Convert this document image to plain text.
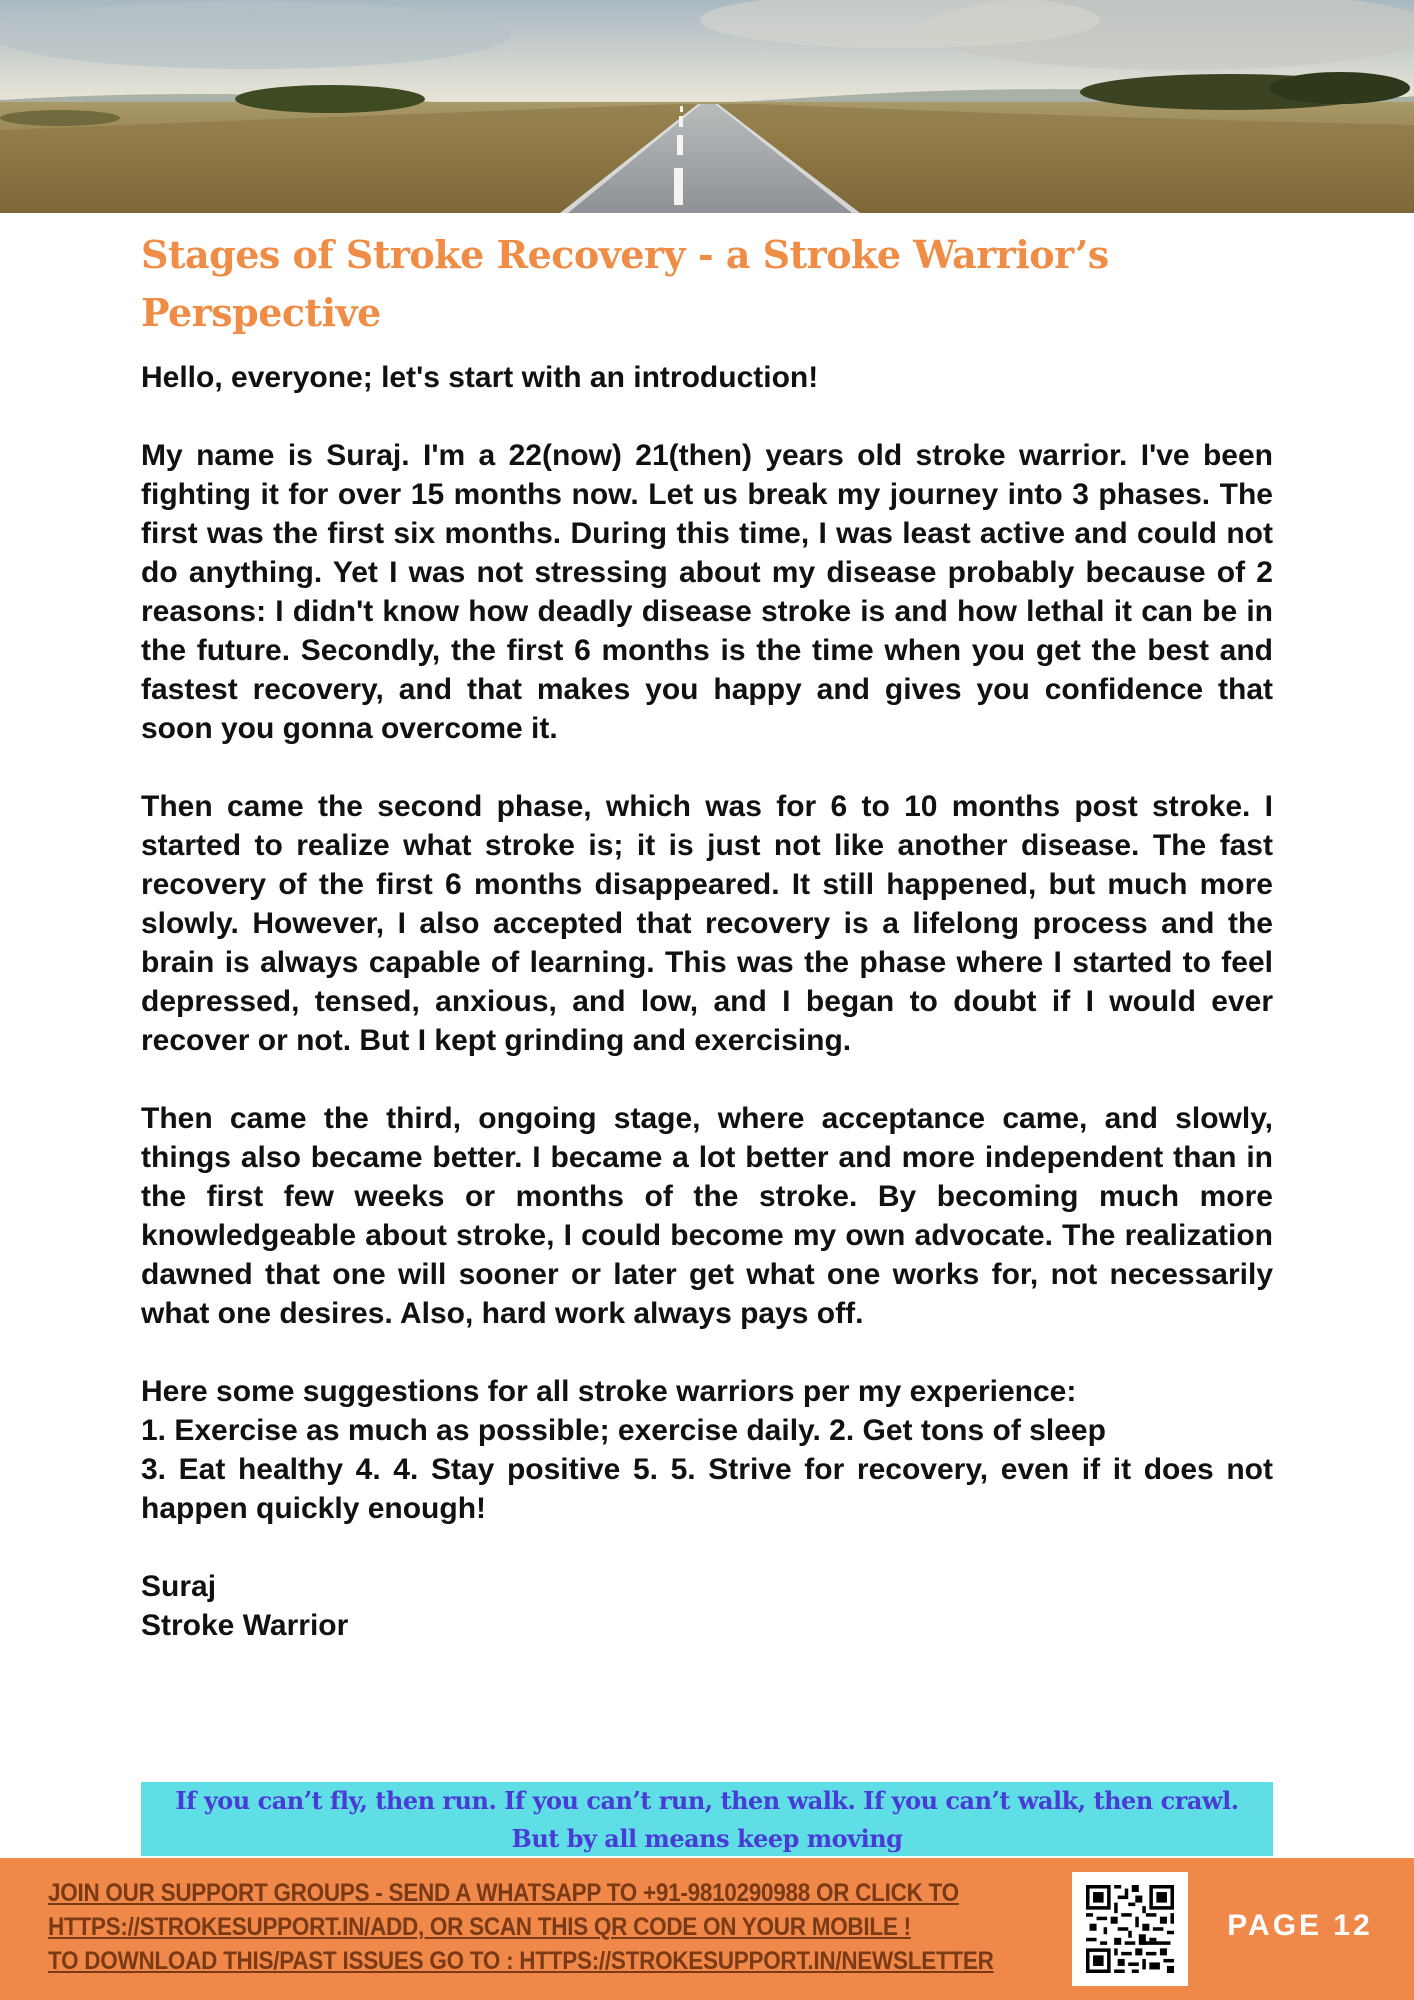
Stages of Stroke Recovery - a Stroke Warrior’s Perspective

Hello, everyone; let's start with an introduction!

My name is Suraj. I'm a 22(now) 21(then) years old stroke warrior. I've been fighting it for over 15 months now. Let us break my journey into 3 phases. The first was the first six months. During this time, I was least active and could not do anything. Yet I was not stressing about my disease probably because of 2 reasons: I didn't know how deadly disease stroke is and how lethal it can be in the future. Secondly, the first 6 months is the time when you get the best and fastest recovery, and that makes you happy and gives you confidence that soon you gonna overcome it.

Then came the second phase, which was for 6 to 10 months post stroke. I started to realize what stroke is; it is just not like another disease. The fast recovery of the first 6 months disappeared. It still happened, but much more slowly. However, I also accepted that recovery is a lifelong process and the brain is always capable of learning. This was the phase where I started to feel depressed, tensed, anxious, and low, and I began to doubt if I would ever recover or not. But I kept grinding and exercising.

Then came the third, ongoing stage, where acceptance came, and slowly, things also became better. I became a lot better and more independent than in the first few weeks or months of the stroke. By becoming much more knowledgeable about stroke, I could become my own advocate. The realization dawned that one will sooner or later get what one works for, not necessarily what one desires. Also, hard work always pays off.

Here some suggestions for all stroke warriors per my experience:

1. Exercise as much as possible; exercise daily. 2. Get tons of sleep

3. Eat healthy 4. 4. Stay positive 5. 5. Strive for recovery, even if it does not happen quickly enough!

Suraj

Stroke Warrior

If you can’t fly, then run. If you can’t run, then walk. If you can’t walk, then crawl.
But by all means keep moving
JOIN OUR SUPPORT GROUPS - SEND A WHATSAPP TO +91-9810290988 OR CLICK TO
HTTPS://STROKESUPPORT.IN/ADD, OR SCAN THIS QR CODE ON YOUR MOBILE !
TO DOWNLOAD THIS/PAST ISSUES GO TO : HTTPS://STROKESUPPORT.IN/NEWSLETTER
PAGE 12
